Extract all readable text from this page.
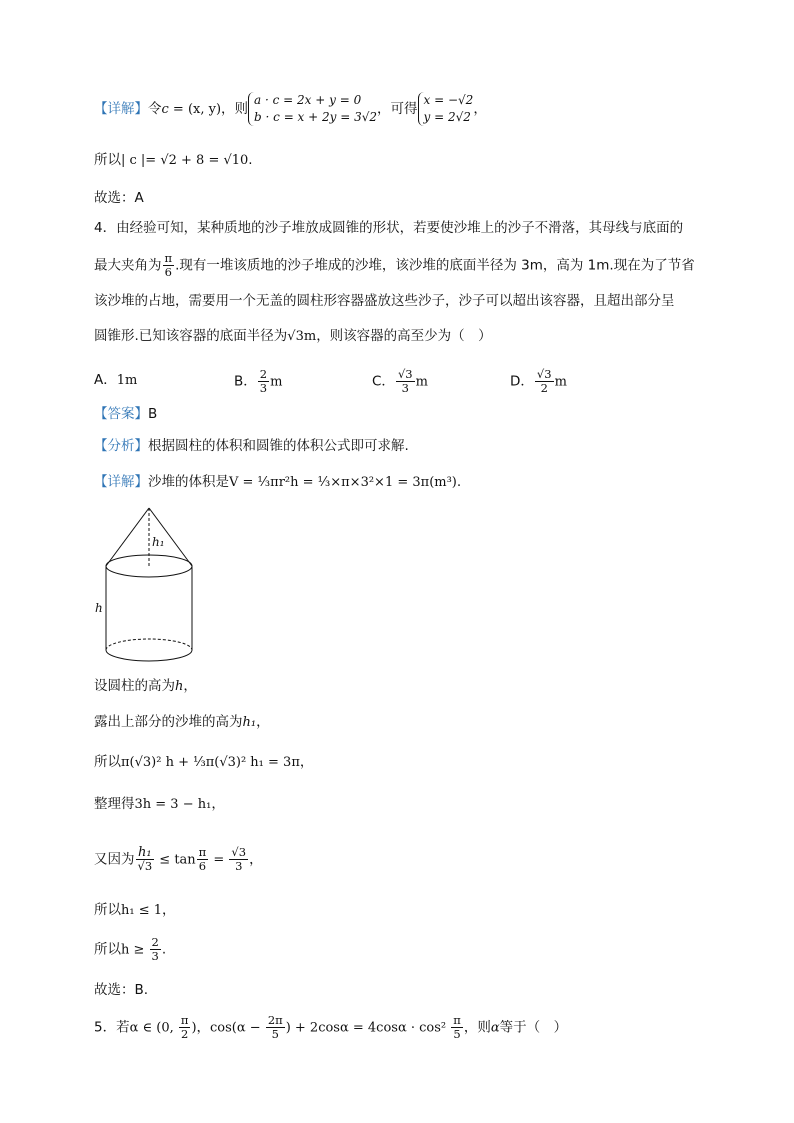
【详解】令c = (x, y)，则
a · c = 2x + y = 0
b · c = x + 2y = 3√2 ，可得
x = −√2
y = 2√2 ，
所以| c |= √2 + 8 = √10.
故选：A
4．由经验可知，某种质地的沙子堆放成圆锥的形状，若要使沙堆上的沙子不滑落，其母线与底面的
最大夹角为 $\frac{\pi}{6}$ .现有一堆该质地的沙子堆成的沙堆，该沙堆的底面半径为 3m，高为 1m.现在为了节省
该沙堆的占地，需要用一个无盖的圆柱形容器盛放这些沙子，沙子可以超出该容器，且超出部分呈
圆锥形.已知该容器的底面半径为√3m，则该容器的高至少为（　）
A．1m	B． $\frac{2}{3}$ m	C． $\frac{√3}{3}$ m	D． $\frac{√3}{2}$ m
【答案】B
【分析】根据圆柱的体积和圆锥的体积公式即可求解.
【详解】沙堆的体积是V = ⅓πr²h = ⅓×π×3²×1 = 3π(m³).
h₁
h
设圆柱的高为h，
露出上部分的沙堆的高为h₁，
所以π(√3)² h + ⅓π(√3)² h₁ = 3π，
整理得3h = 3 − h₁，
又因为 $\frac{\text{h₁}}{√3} \le \tan \frac{\pi}{6} = \frac{√3}{3}$ ，
所以h₁ ≤ 1，
所以$h \ge \frac{2}{3}$ .
故选：B.
5．若α ∈ (0, $\frac{\pi}{2}$ )，$\cos(\alpha - \frac{2\pi}{5}$ ) + $2\cos\alpha = 4\cos\alpha \cdot \cos^2 \frac{\pi}{5}$ ，则α等于（　）
